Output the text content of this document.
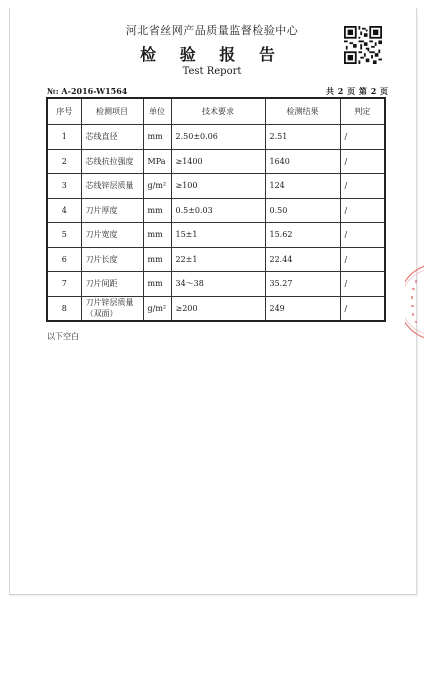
河北省丝网产品质量监督检验中心
检 验 报 告
Test Report
№: A-2016-W1564	共 2 页 第 2 页
序号	检测项目	单位	技术要求	检测结果	判定
1	芯线直径	mm	2.50±0.06	2.51	/
2	芯线抗拉强度	MPa	≥1400	1640	/
3	芯线锌层质量	g/m²	≥100	124	/
4	刀片厚度	mm	0.5±0.03	0.50	/
5	刀片宽度	mm	15±1	15.62	/
6	刀片长度	mm	22±1	22.44	/
7	刀片间距	mm	34～38	35.27	/
8	刀片锌层质量（双面）	g/m²	≥200	249	/
以下空白
